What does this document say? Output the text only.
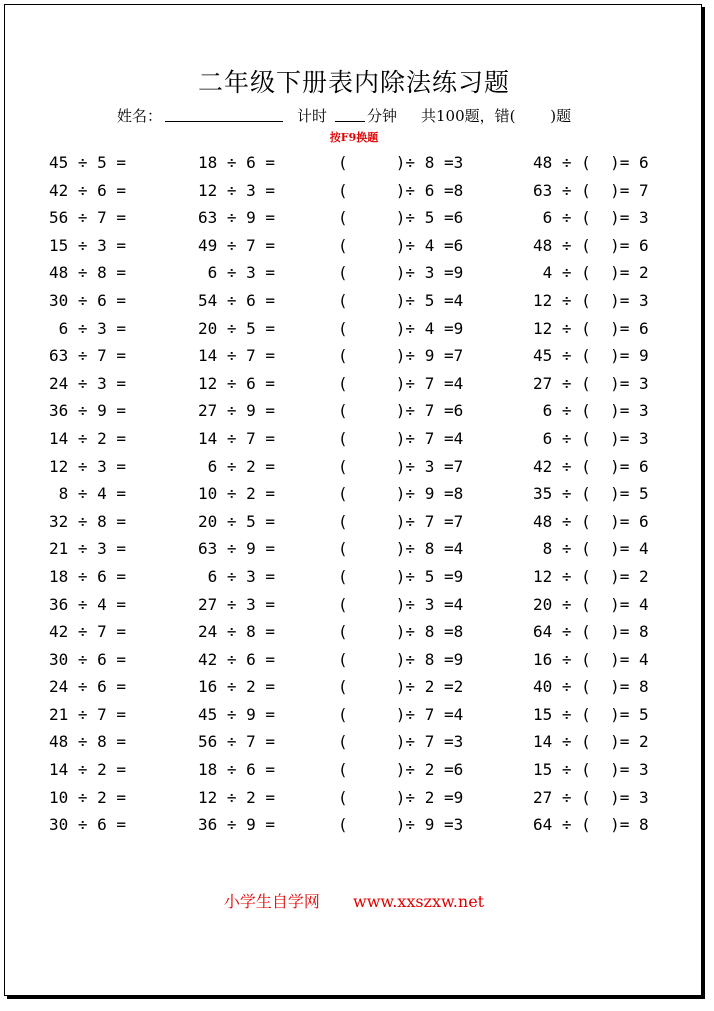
二年级下册表内除法练习题
姓名：	计时	分钟 共100题，错(　　 )题
按F9换题
45 ÷ 5 =	18 ÷ 6 =	(     )÷ 8 =3	48 ÷ (  )= 6
42 ÷ 6 =	12 ÷ 3 =	(     )÷ 6 =8	63 ÷ (  )= 7
56 ÷ 7 =	63 ÷ 9 =	(     )÷ 5 =6	6 ÷ (  )= 3
15 ÷ 3 =	49 ÷ 7 =	(     )÷ 4 =6	48 ÷ (  )= 6
48 ÷ 8 =	6 ÷ 3 =	(     )÷ 3 =9	4 ÷ (  )= 2
30 ÷ 6 =	54 ÷ 6 =	(     )÷ 5 =4	12 ÷ (  )= 3
6 ÷ 3 =	20 ÷ 5 =	(     )÷ 4 =9	12 ÷ (  )= 6
63 ÷ 7 =	14 ÷ 7 =	(     )÷ 9 =7	45 ÷ (  )= 9
24 ÷ 3 =	12 ÷ 6 =	(     )÷ 7 =4	27 ÷ (  )= 3
36 ÷ 9 =	27 ÷ 9 =	(     )÷ 7 =6	6 ÷ (  )= 3
14 ÷ 2 =	14 ÷ 7 =	(     )÷ 7 =4	6 ÷ (  )= 3
12 ÷ 3 =	6 ÷ 2 =	(     )÷ 3 =7	42 ÷ (  )= 6
8 ÷ 4 =	10 ÷ 2 =	(     )÷ 9 =8	35 ÷ (  )= 5
32 ÷ 8 =	20 ÷ 5 =	(     )÷ 7 =7	48 ÷ (  )= 6
21 ÷ 3 =	63 ÷ 9 =	(     )÷ 8 =4	8 ÷ (  )= 4
18 ÷ 6 =	6 ÷ 3 =	(     )÷ 5 =9	12 ÷ (  )= 2
36 ÷ 4 =	27 ÷ 3 =	(     )÷ 3 =4	20 ÷ (  )= 4
42 ÷ 7 =	24 ÷ 8 =	(     )÷ 8 =8	64 ÷ (  )= 8
30 ÷ 6 =	42 ÷ 6 =	(     )÷ 8 =9	16 ÷ (  )= 4
24 ÷ 6 =	16 ÷ 2 =	(     )÷ 2 =2	40 ÷ (  )= 8
21 ÷ 7 =	45 ÷ 9 =	(     )÷ 7 =4	15 ÷ (  )= 5
48 ÷ 8 =	56 ÷ 7 =	(     )÷ 7 =3	14 ÷ (  )= 2
14 ÷ 2 =	18 ÷ 6 =	(     )÷ 2 =6	15 ÷ (  )= 3
10 ÷ 2 =	12 ÷ 2 =	(     )÷ 2 =9	27 ÷ (  )= 3
30 ÷ 6 =	36 ÷ 9 =	(     )÷ 9 =3	64 ÷ (  )= 8
小学生自学网 www.xxszxw.net
